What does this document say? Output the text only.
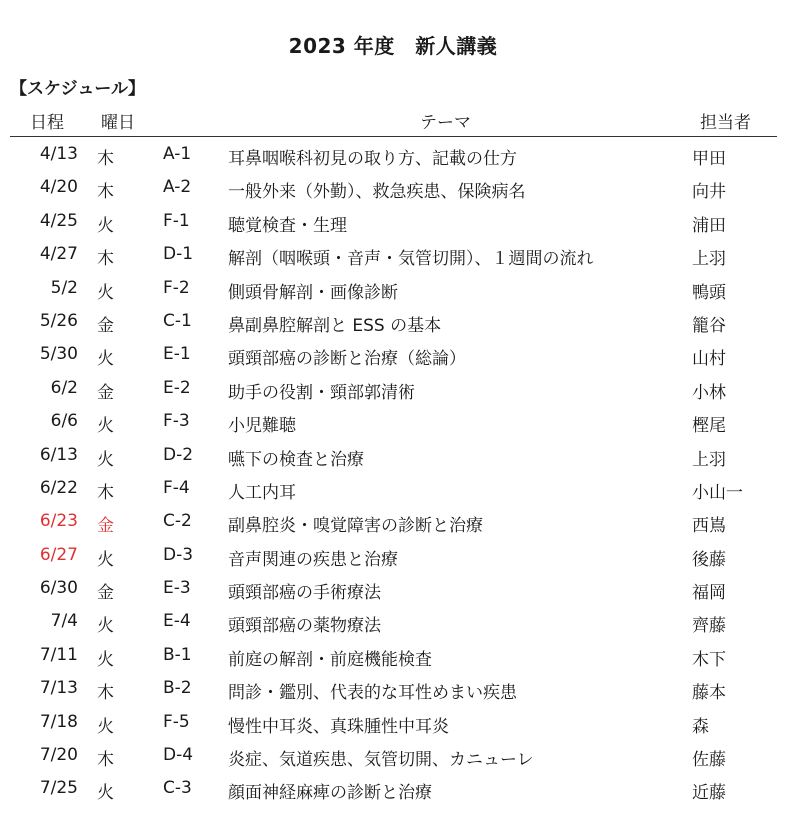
2023 年度　新人講義
【スケジュール】
日程 曜日	テーマ	担当者
4/13 木	A-1 耳鼻咽喉科初見の取り方、記載の仕方	甲田
4/20 木	A-2 一般外来（外勤）、救急疾患、保険病名	向井
4/25 火	F-1 聴覚検査・生理	浦田
4/27 木	D-1 解剖（咽喉頭・音声・気管切開）、１週間の流れ	上羽
5/2 火	F-2 側頭骨解剖・画像診断	鴨頭
5/26 金	C-1 鼻副鼻腔解剖と ESS の基本	籠谷
5/30 火	E-1 頭頸部癌の診断と治療（総論）	山村
6/2 金	E-2 助手の役割・頸部郭清術	小林
6/6 火	F-3 小児難聴	樫尾
6/13 火	D-2 嚥下の検査と治療	上羽
6/22 木	F-4 人工内耳	小山一
6/23 金	C-2 副鼻腔炎・嗅覚障害の診断と治療	西嶌
6/27 火	D-3 音声関連の疾患と治療	後藤
6/30 金	E-3 頭頸部癌の手術療法	福岡
7/4 火	E-4 頭頸部癌の薬物療法	齊藤
7/11 火	B-1 前庭の解剖・前庭機能検査	木下
7/13 木	B-2 問診・鑑別、代表的な耳性めまい疾患	藤本
7/18 火	F-5 慢性中耳炎、真珠腫性中耳炎	森
7/20 木	D-4 炎症、気道疾患、気管切開、カニューレ	佐藤
7/25 火	C-3 顔面神経麻痺の診断と治療	近藤
